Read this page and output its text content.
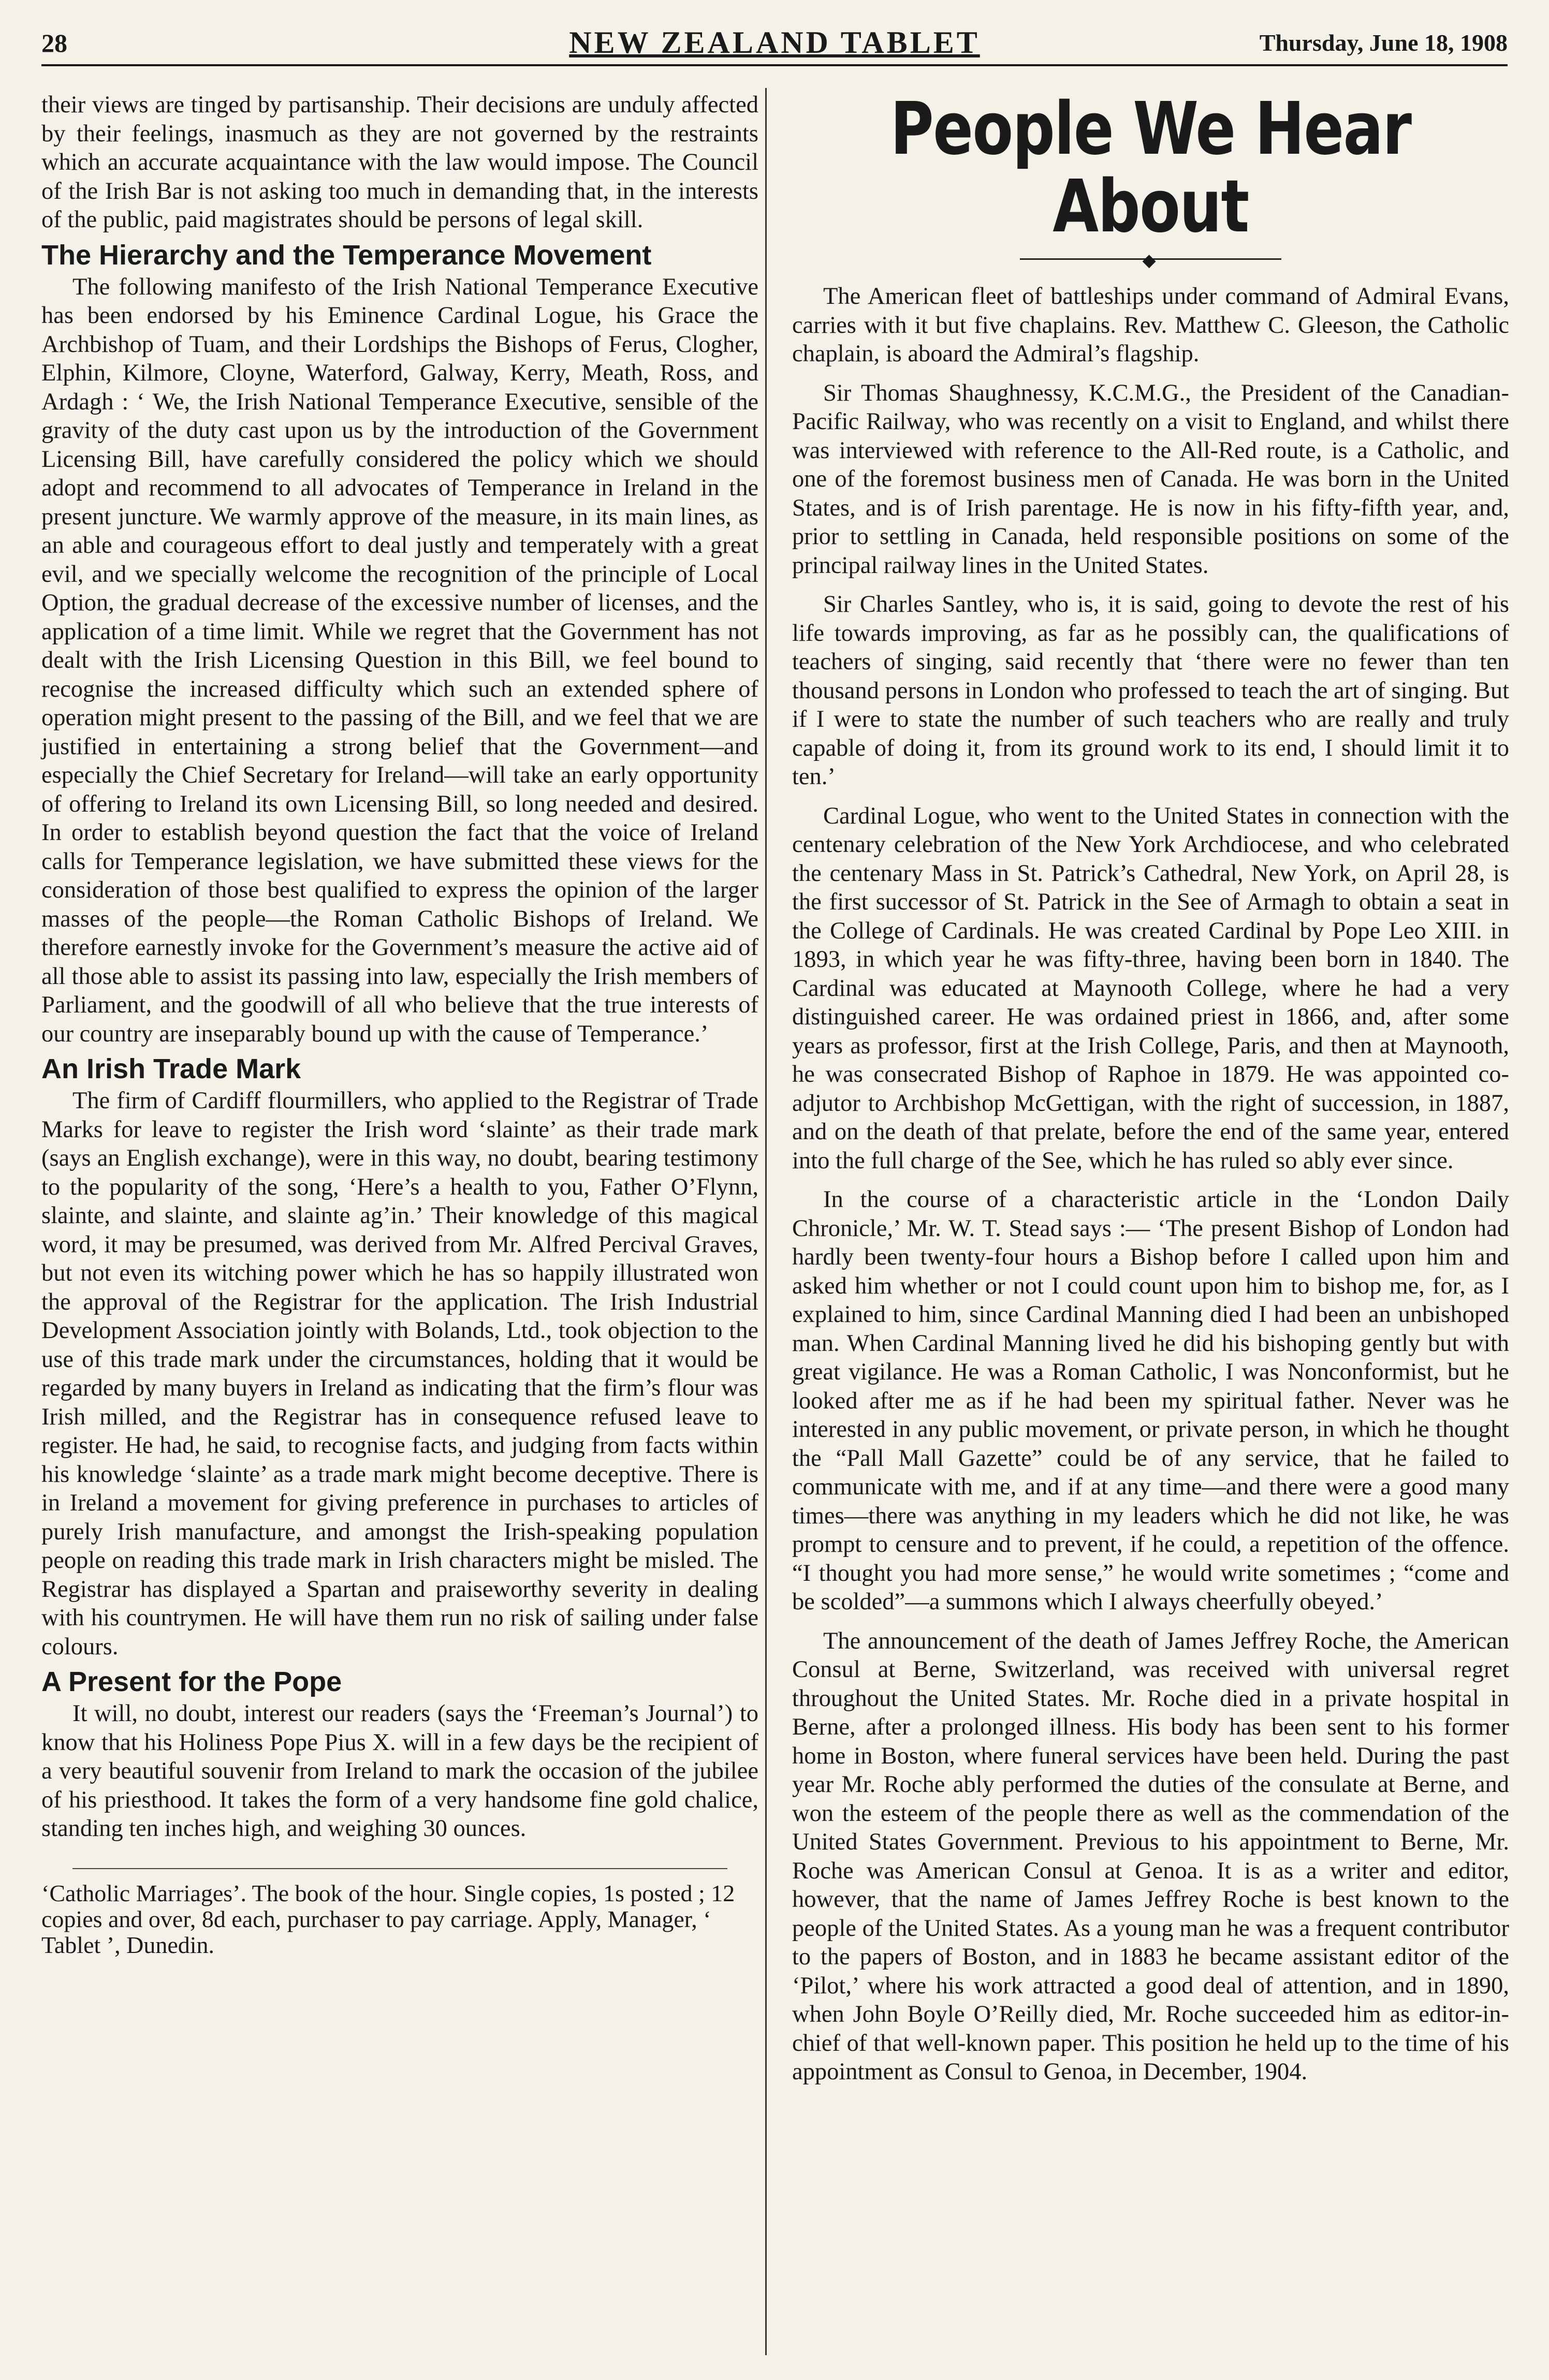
28	NEW ZEALAND TABLET	Thursday, June 18, 1908

their views are tinged by partisanship. Their decisions are unduly affected by their feelings, inasmuch as they are not governed by the restraints which an accurate acquaintance with the law would impose. The Council of the Irish Bar is not asking too much in demanding that, in the interests of the public, paid magistrates should be persons of legal skill.

The Hierarchy and the Temperance Movement

The following manifesto of the Irish National Temperance Executive has been endorsed by his Eminence Cardinal Logue, his Grace the Archbishop of Tuam, and their Lordships the Bishops of Ferus, Clogher, Elphin, Kilmore, Cloyne, Waterford, Galway, Kerry, Meath, Ross, and Ardagh : ‘ We, the Irish National Temperance Executive, sensible of the gravity of the duty cast upon us by the introduction of the Government Licensing Bill, have carefully considered the policy which we should adopt and recommend to all advocates of Temperance in Ireland in the present juncture. We warmly approve of the measure, in its main lines, as an able and courageous effort to deal justly and temperately with a great evil, and we specially welcome the recognition of the principle of Local Option, the gradual decrease of the excessive number of licenses, and the application of a time limit. While we regret that the Government has not dealt with the Irish Licensing Question in this Bill, we feel bound to recognise the increased difficulty which such an extended sphere of operation might present to the passing of the Bill, and we feel that we are justified in entertaining a strong belief that the Government—and especially the Chief Secretary for Ireland—will take an early opportunity of offering to Ireland its own Licensing Bill, so long needed and desired. In order to establish beyond question the fact that the voice of Ireland calls for Temperance legislation, we have submitted these views for the consideration of those best qualified to express the opinion of the larger masses of the people—the Roman Catholic Bishops of Ireland. We therefore earnestly invoke for the Government’s measure the active aid of all those able to assist its passing into law, especially the Irish members of Parliament, and the goodwill of all who believe that the true interests of our country are inseparably bound up with the cause of Temperance.’

An Irish Trade Mark

The firm of Cardiff flourmillers, who applied to the Registrar of Trade Marks for leave to register the Irish word ‘slainte’ as their trade mark (says an English exchange), were in this way, no doubt, bearing testimony to the popularity of the song, ‘Here’s a health to you, Father O’Flynn, slainte, and slainte, and slainte ag’in.’ Their knowledge of this magical word, it may be presumed, was derived from Mr. Alfred Percival Graves, but not even its witching power which he has so happily illustrated won the approval of the Registrar for the application. The Irish Industrial Development Association jointly with Bolands, Ltd., took objection to the use of this trade mark under the circumstances, holding that it would be regarded by many buyers in Ireland as indicating that the firm’s flour was Irish milled, and the Registrar has in consequence refused leave to register. He had, he said, to recognise facts, and judging from facts within his knowledge ‘slainte’ as a trade mark might become deceptive. There is in Ireland a movement for giving preference in purchases to articles of purely Irish manufacture, and amongst the Irish-speaking population people on reading this trade mark in Irish characters might be misled. The Registrar has displayed a Spartan and praiseworthy severity in dealing with his countrymen. He will have them run no risk of sailing under false colours.

A Present for the Pope

It will, no doubt, interest our readers (says the ‘Freeman’s Journal’) to know that his Holiness Pope Pius X. will in a few days be the recipient of a very beautiful souvenir from Ireland to mark the occasion of the jubilee of his priesthood. It takes the form of a very handsome fine gold chalice, standing ten inches high, and weighing 30 ounces.

‘Catholic Marriages’. The book of the hour. Single copies, 1s posted ; 12 copies and over, 8d each, purchaser to pay carriage. Apply, Manager, ‘ Tablet ’, Dunedin.

People We Hear About
◆

The American fleet of battleships under command of Admiral Evans, carries with it but five chaplains. Rev. Matthew C. Gleeson, the Catholic chaplain, is aboard the Admiral’s flagship.

Sir Thomas Shaughnessy, K.C.M.G., the President of the Canadian-Pacific Railway, who was recently on a visit to England, and whilst there was interviewed with reference to the All-Red route, is a Catholic, and one of the foremost business men of Canada. He was born in the United States, and is of Irish parentage. He is now in his fifty-fifth year, and, prior to settling in Canada, held responsible positions on some of the principal railway lines in the United States.

Sir Charles Santley, who is, it is said, going to devote the rest of his life towards improving, as far as he possibly can, the qualifications of teachers of singing, said recently that ‘there were no fewer than ten thousand persons in London who professed to teach the art of singing. But if I were to state the number of such teachers who are really and truly capable of doing it, from its ground work to its end, I should limit it to ten.’

Cardinal Logue, who went to the United States in connection with the centenary celebration of the New York Archdiocese, and who celebrated the centenary Mass in St. Patrick’s Cathedral, New York, on April 28, is the first successor of St. Patrick in the See of Armagh to obtain a seat in the College of Cardinals. He was created Cardinal by Pope Leo XIII. in 1893, in which year he was fifty-three, having been born in 1840. The Cardinal was educated at Maynooth College, where he had a very distinguished career. He was ordained priest in 1866, and, after some years as professor, first at the Irish College, Paris, and then at Maynooth, he was consecrated Bishop of Raphoe in 1879. He was appointed co-adjutor to Archbishop McGettigan, with the right of succession, in 1887, and on the death of that prelate, before the end of the same year, entered into the full charge of the See, which he has ruled so ably ever since.

In the course of a characteristic article in the ‘London Daily Chronicle,’ Mr. W. T. Stead says :— ‘The present Bishop of London had hardly been twenty-four hours a Bishop before I called upon him and asked him whether or not I could count upon him to bishop me, for, as I explained to him, since Cardinal Manning died I had been an unbishoped man. When Cardinal Manning lived he did his bishoping gently but with great vigilance. He was a Roman Catholic, I was Nonconformist, but he looked after me as if he had been my spiritual father. Never was he interested in any public movement, or private person, in which he thought the “Pall Mall Gazette” could be of any service, that he failed to communicate with me, and if at any time—and there were a good many times—there was anything in my leaders which he did not like, he was prompt to censure and to prevent, if he could, a repetition of the offence. “I thought you had more sense,” he would write sometimes ; “come and be scolded”—a summons which I always cheerfully obeyed.’

The announcement of the death of James Jeffrey Roche, the American Consul at Berne, Switzerland, was received with universal regret throughout the United States. Mr. Roche died in a private hospital in Berne, after a prolonged illness. His body has been sent to his former home in Boston, where funeral services have been held. During the past year Mr. Roche ably performed the duties of the consulate at Berne, and won the esteem of the people there as well as the commendation of the United States Government. Previous to his appointment to Berne, Mr. Roche was American Consul at Genoa. It is as a writer and editor, however, that the name of James Jeffrey Roche is best known to the people of the United States. As a young man he was a frequent contributor to the papers of Boston, and in 1883 he became assistant editor of the ‘Pilot,’ where his work attracted a good deal of attention, and in 1890, when John Boyle O’Reilly died, Mr. Roche succeeded him as editor-in-chief of that well-known paper. This position he held up to the time of his appointment as Consul to Genoa, in December, 1904.
